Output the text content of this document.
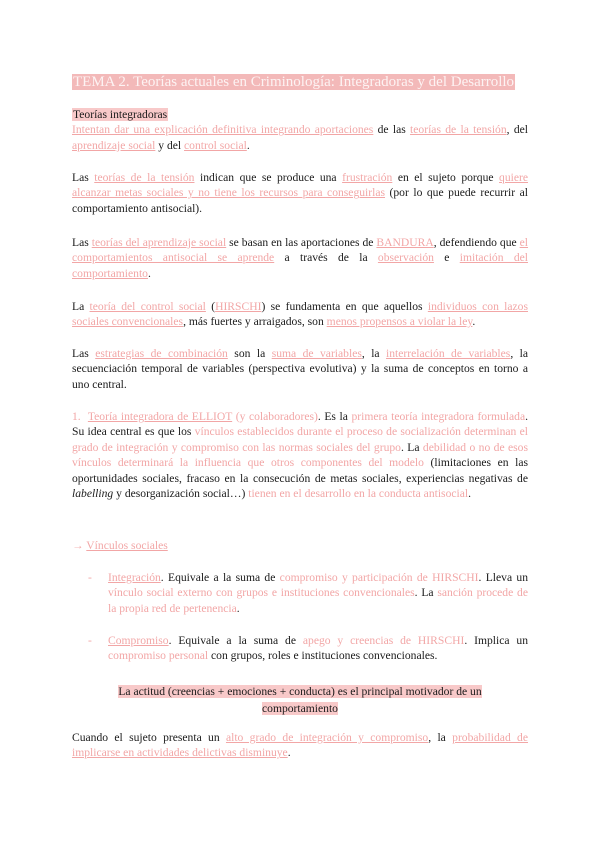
TEMA 2. Teorías actuales en Criminología: Integradoras y del Desarrollo
Teorías integradoras
Intentan dar una explicación definitiva integrando aportaciones de las teorías de la tensión, del aprendizaje social y del control social.
Las teorías de la tensión indican que se produce una frustración en el sujeto porque quiere alcanzar metas sociales y no tiene los recursos para conseguirlas (por lo que puede recurrir al comportamiento antisocial).
Las teorías del aprendizaje social se basan en las aportaciones de BANDURA, defendiendo que el comportamientos antisocial se aprende a través de la observación e imitación del comportamiento.
La teoría del control social (HIRSCHI) se fundamenta en que aquellos individuos con lazos sociales convencionales, más fuertes y arraigados, son menos propensos a violar la ley.
Las estrategias de combinación son la suma de variables, la interrelación de variables, la secuenciación temporal de variables (perspectiva evolutiva) y la suma de conceptos en torno a uno central.
1. Teoría integradora de ELLIOT (y colaboradores). Es la primera teoría integradora formulada. Su idea central es que los vínculos establecidos durante el proceso de socialización determinan el grado de integración y compromiso con las normas sociales del grupo. La debilidad o no de esos vínculos determinará la influencia que otros componentes del modelo (limitaciones en las oportunidades sociales, fracaso en la consecución de metas sociales, experiencias negativas de labelling y desorganización social…) tienen en el desarrollo en la conducta antisocial.
→ Vínculos sociales
- Integración. Equivale a la suma de compromiso y participación de HIRSCHI. Lleva un vínculo social externo con grupos e instituciones convencionales. La sanción procede de la propia red de pertenencia.
- Compromiso. Equivale a la suma de apego y creencias de HIRSCHI. Implica un compromiso personal con grupos, roles e instituciones convencionales.
La actitud (creencias + emociones + conducta) es el principal motivador de un
comportamiento
Cuando el sujeto presenta un alto grado de integración y compromiso, la probabilidad de implicarse en actividades delictivas disminuye.
